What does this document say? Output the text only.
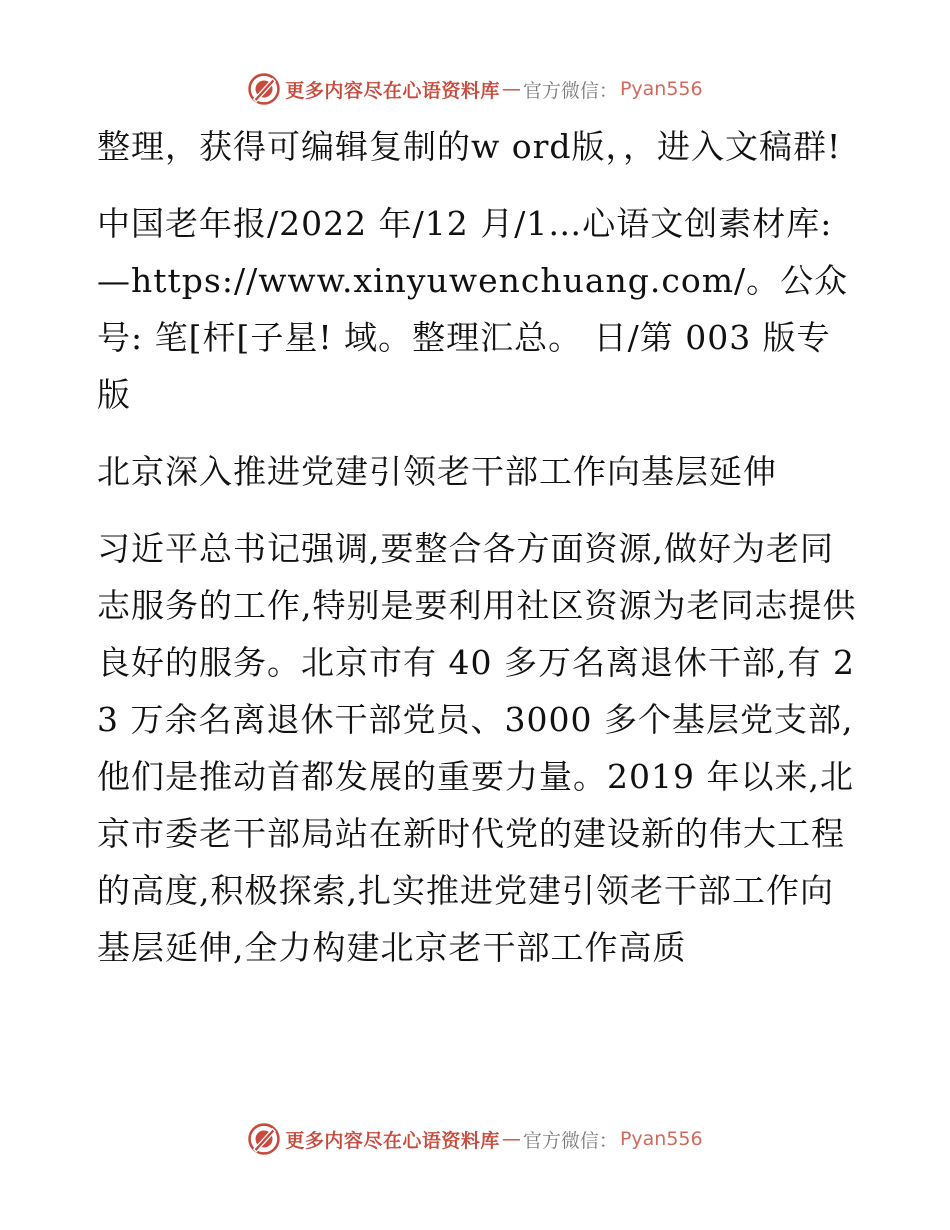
更多内容尽在心语资料库 — 官方微信： Pyan556

整理，获得可编辑复制的w ord版，，进入文稿群!

中国老年报/2022 年/12 月/1…心语文创素材库: —https://www.xinyuwenchuang.com/。公众号: 笔[杆[子星! 域。整理汇总。 日/第 003 版专版

北京深入推进党建引领老干部工作向基层延伸

习近平总书记强调,要整合各方面资源,做好为老同志服务的工作,特别是要利用社区资源为老同志提供良好的服务。北京市有 40 多万名离退休干部,有 23 万余名离退休干部党员、3000 多个基层党支部,他们是推动首都发展的重要力量。2019 年以来,北京市委老干部局站在新时代党的建设新的伟大工程的高度,积极探索,扎实推进党建引领老干部工作向基层延伸,全力构建北京老干部工作高质

更多内容尽在心语资料库 — 官方微信： Pyan556
